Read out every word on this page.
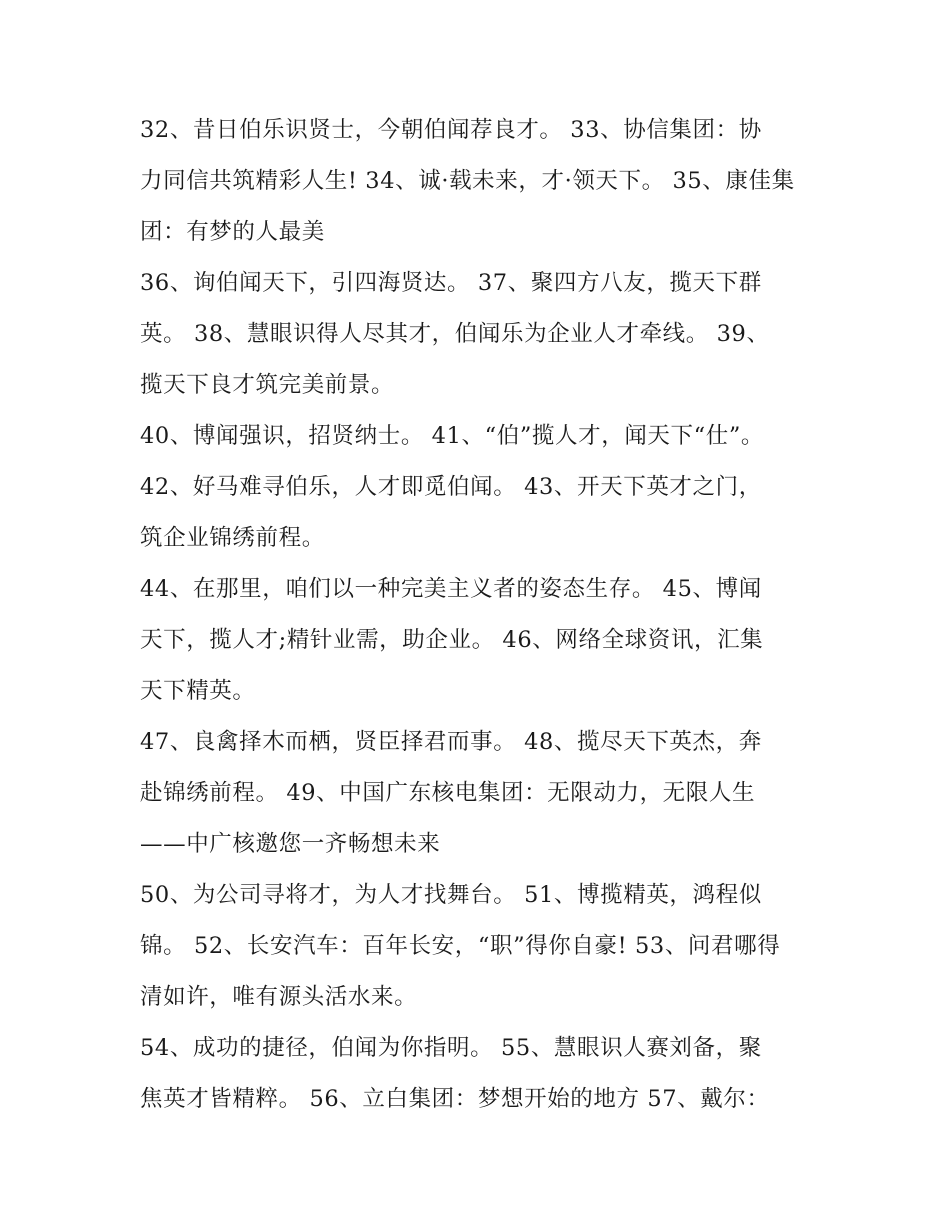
32、昔日伯乐识贤士，今朝伯闻荐良才。 33、协信集团：协
力同信共筑精彩人生! 34、诚·载未来，才·领天下。 35、康佳集
团：有梦的人最美

36、询伯闻天下，引四海贤达。 37、聚四方八友，揽天下群
英。 38、慧眼识得人尽其才，伯闻乐为企业人才牵线。 39、
揽天下良才筑完美前景。

40、博闻强识，招贤纳士。 41、“伯”揽人才，闻天下“仕”。

42、好马难寻伯乐，人才即觅伯闻。 43、开天下英才之门，
筑企业锦绣前程。

44、在那里，咱们以一种完美主义者的姿态生存。 45、博闻
天下，揽人才;精针业需，助企业。 46、网络全球资讯，汇集
天下精英。

47、良禽择木而栖，贤臣择君而事。 48、揽尽天下英杰，奔
赴锦绣前程。 49、中国广东核电集团：无限动力，无限人生
——中广核邀您一齐畅想未来

50、为公司寻将才，为人才找舞台。 51、博揽精英，鸿程似
锦。 52、长安汽车：百年长安，“职”得你自豪! 53、问君哪得
清如许，唯有源头活水来。

54、成功的捷径，伯闻为你指明。 55、慧眼识人赛刘备，聚
焦英才皆精粹。 56、立白集团：梦想开始的地方 57、戴尔：
